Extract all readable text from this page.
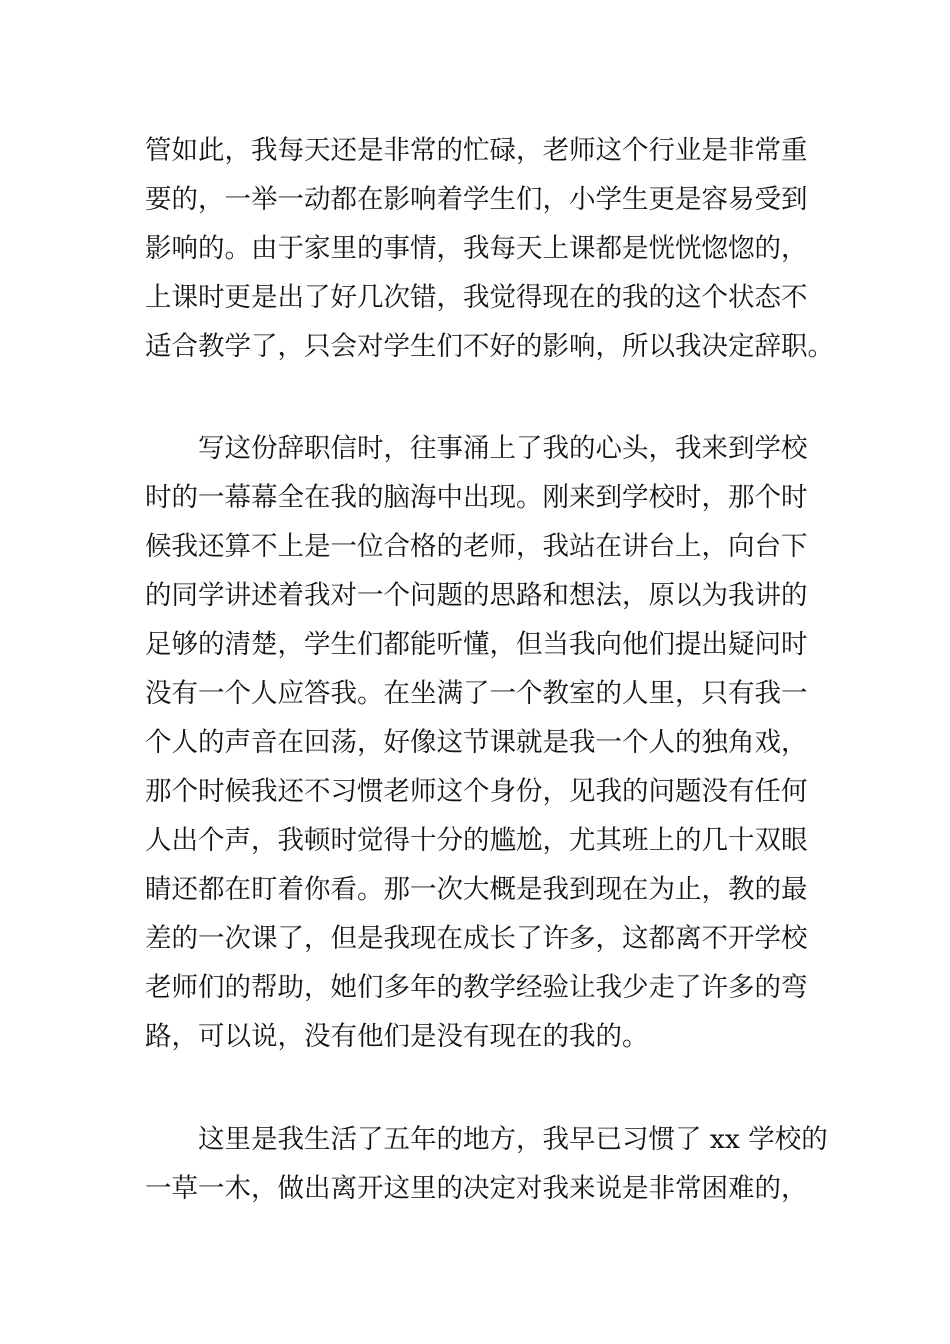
管如此，我每天还是非常的忙碌，老师这个行业是非常重
要的，一举一动都在影响着学生们，小学生更是容易受到
影响的。由于家里的事情，我每天上课都是恍恍惚惚的，
上课时更是出了好几次错，我觉得现在的我的这个状态不
适合教学了，只会对学生们不好的影响，所以我决定辞职。
写这份辞职信时，往事涌上了我的心头，我来到学校
时的一幕幕全在我的脑海中出现。刚来到学校时，那个时
候我还算不上是一位合格的老师，我站在讲台上，向台下
的同学讲述着我对一个问题的思路和想法，原以为我讲的
足够的清楚，学生们都能听懂，但当我向他们提出疑问时
没有一个人应答我。在坐满了一个教室的人里，只有我一
个人的声音在回荡，好像这节课就是我一个人的独角戏，
那个时候我还不习惯老师这个身份，见我的问题没有任何
人出个声，我顿时觉得十分的尴尬，尤其班上的几十双眼
睛还都在盯着你看。那一次大概是我到现在为止，教的最
差的一次课了，但是我现在成长了许多，这都离不开学校
老师们的帮助，她们多年的教学经验让我少走了许多的弯
路，可以说，没有他们是没有现在的我的。
这里是我生活了五年的地方，我早已习惯了 xx 学校的
一草一木，做出离开这里的决定对我来说是非常困难的，
